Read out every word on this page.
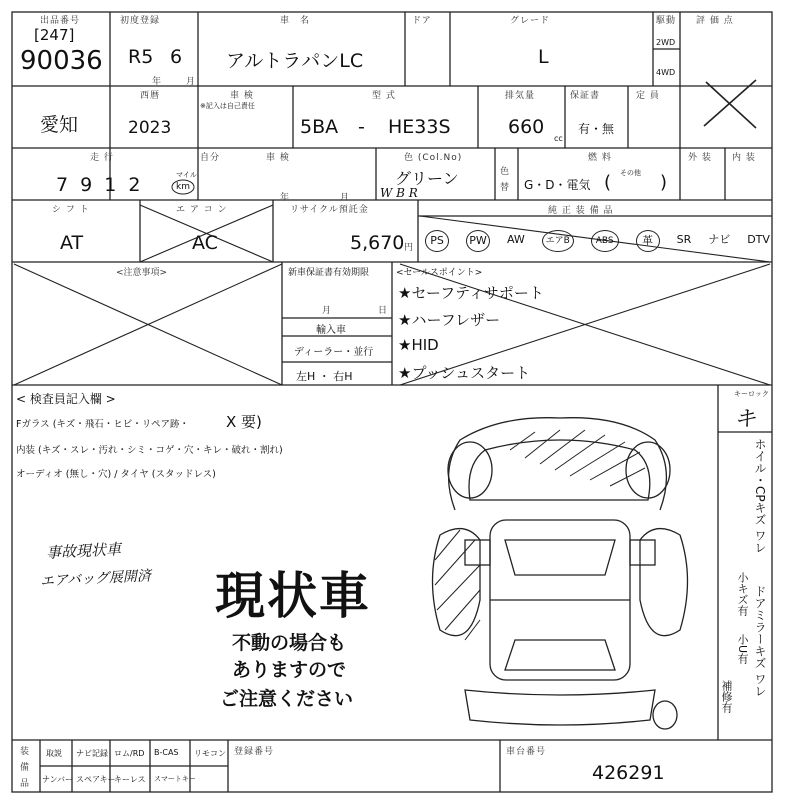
出品番号
[247]
90036
初度登録
R5 6
年	月
車　名
アルトラパンLC
ドア	グレード
L
駆動
2WD
4WD
評 価 点
愛知
西暦
2023
車 検
※記入は自己責任
型 式
5BA - HE33S
排気量
660
cc
保証書
有・無
定 員
走 行
7 9 1 2	マイル
km
自分	車 検
年	月
色 (Col.No)
グリーン
W B R
色
替
燃 料
G・D・電気
その他
(	)
外 装 内 装
シ フ ト
AT
エ ア コ ン
AC
リサイクル預託金
5,670 円
純 正 装 備 品
PS	PW AW	エアB	ABS	革	SR ナビ DTV
<注意事項>	新車保証書有効期限
月	日
輸入車
ディーラー・並行
左H ・ 右H
<セールスポイント>
★セーフティサポート
★ハーフレザー
★HID
★プッシュスタート
< 検査員記入欄 >
Fガラス (キズ・飛石・ヒビ・リペア跡・ X 要)
内装 (キズ・スレ・汚れ・シミ・コゲ・穴・キレ・破れ・割れ)
オーディオ (無し・穴) / タイヤ (スタッドレス)
事故現状車
エアバッグ展開済 現状車
不動の場合も
ありますので
ご注意ください
キーロック
キ
ホイル・CPキズ ワレ
小キズ有 ドアミラーキズ ワレ
小U有
補修有
装
備
品
取説 ナビ記録 ロム/RD B-CAS リモコン
ナンバー スペアキー
キーレス スマートキー
登録番号	車台番号
426291
